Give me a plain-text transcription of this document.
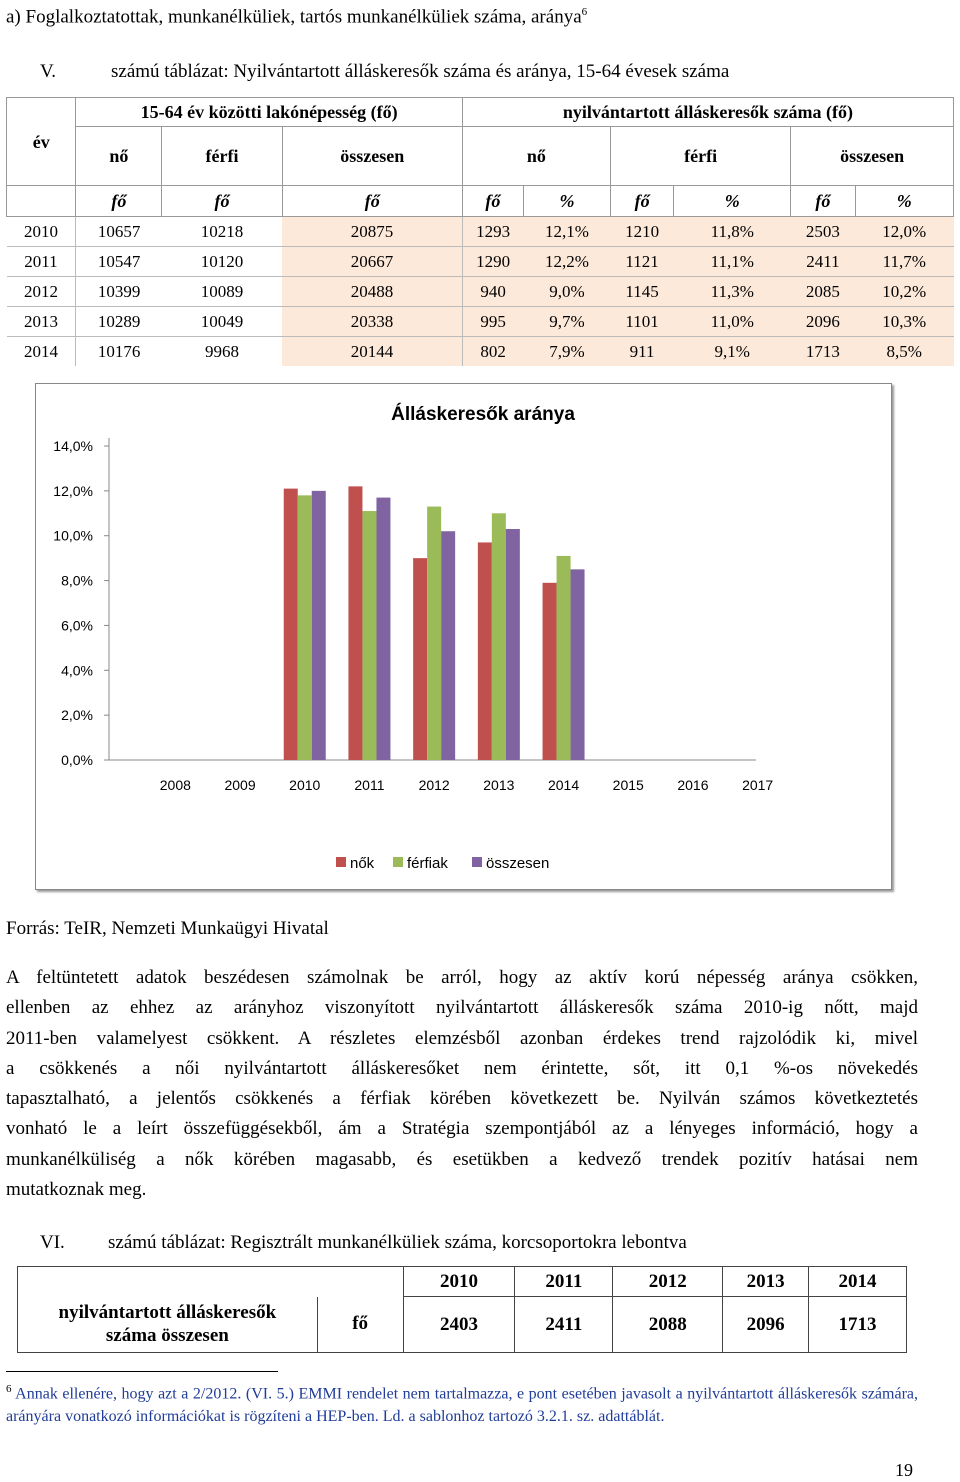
a) Foglalkoztatottak, munkanélküliek, tartós munkanélküliek száma, aránya$^6$
V.	számú táblázat: Nyilvántartott álláskeresők száma és aránya, 15-64 évesek száma
év	15-64 év közötti lakónépesség (fő)			nyilvántartott álláskeresők száma (fő)					
	nő	férfi	összesen	nő		férfi		összesen	
	fő	fő	fő	fő	%	fő	%	fő	%
2010	10657	10218	20875	1293	12,1%	1210	11,8%	2503	12,0%
2011	10547	10120	20667	1290	12,2%	1121	11,1%	2411	11,7%
2012	10399	10089	20488	940	9,0%	1145	11,3%	2085	10,2%
2013	10289	10049	20338	995	9,7%	1101	11,0%	2096	10,3%
2014	10176	9968	20144	802	7,9%	911	9,1%	1713	8,5%
Álláskeresők aránya
0,0%
2,0%
4,0%
6,0%
8,0%
10,0%
12,0%
14,0%
2008 2009 2010 2011 2012 2013 2014 2015 2016 2017
nők férfiak	összesen
Forrás: TeIR, Nemzeti Munkaügyi Hivatal
A feltüntetett adatok beszédesen számolnak be arról, hogy az aktív korú népesség aránya csökken,
ellenben az ehhez az arányhoz viszonyított nyilvántartott álláskeresők száma 2010-ig nőtt, majd
2011-ben valamelyest csökkent. A részletes elemzésből azonban érdekes trend rajzolódik ki, mivel
a csökkenés a női nyilvántartott álláskeresőket nem érintette, sőt, itt 0,1 %-os növekedés
tapasztalható, a jelentős csökkenés a férfiak körében következett be. Nyilván számos következtetés
vonható le a leírt összefüggésekből, ám a Stratégia szempontjából az a lényeges információ, hogy a
munkanélküliség a nők körében magasabb, és esetükben a kedvező trendek pozitív hatásai nem
mutatkoznak meg.
VI. számú táblázat: Regisztrált munkanélküliek száma, korcsoportokra lebontva
		2010	2011	2012	2013	2014
nyilvántartott álláskeresők száma összesen	fő	2403	2411	2088	2096	1713
$^6$ Annak ellenére, hogy azt a 2/2012. (VI. 5.) EMMI rendelet nem tartalmazza, e pont esetében javasolt a nyilvántartott álláskeresők számára, arányára vonatkozó információkat is rögzíteni a HEP-ben. Ld. a sablonhoz tartozó 3.2.1. sz. adattáblát.
19
